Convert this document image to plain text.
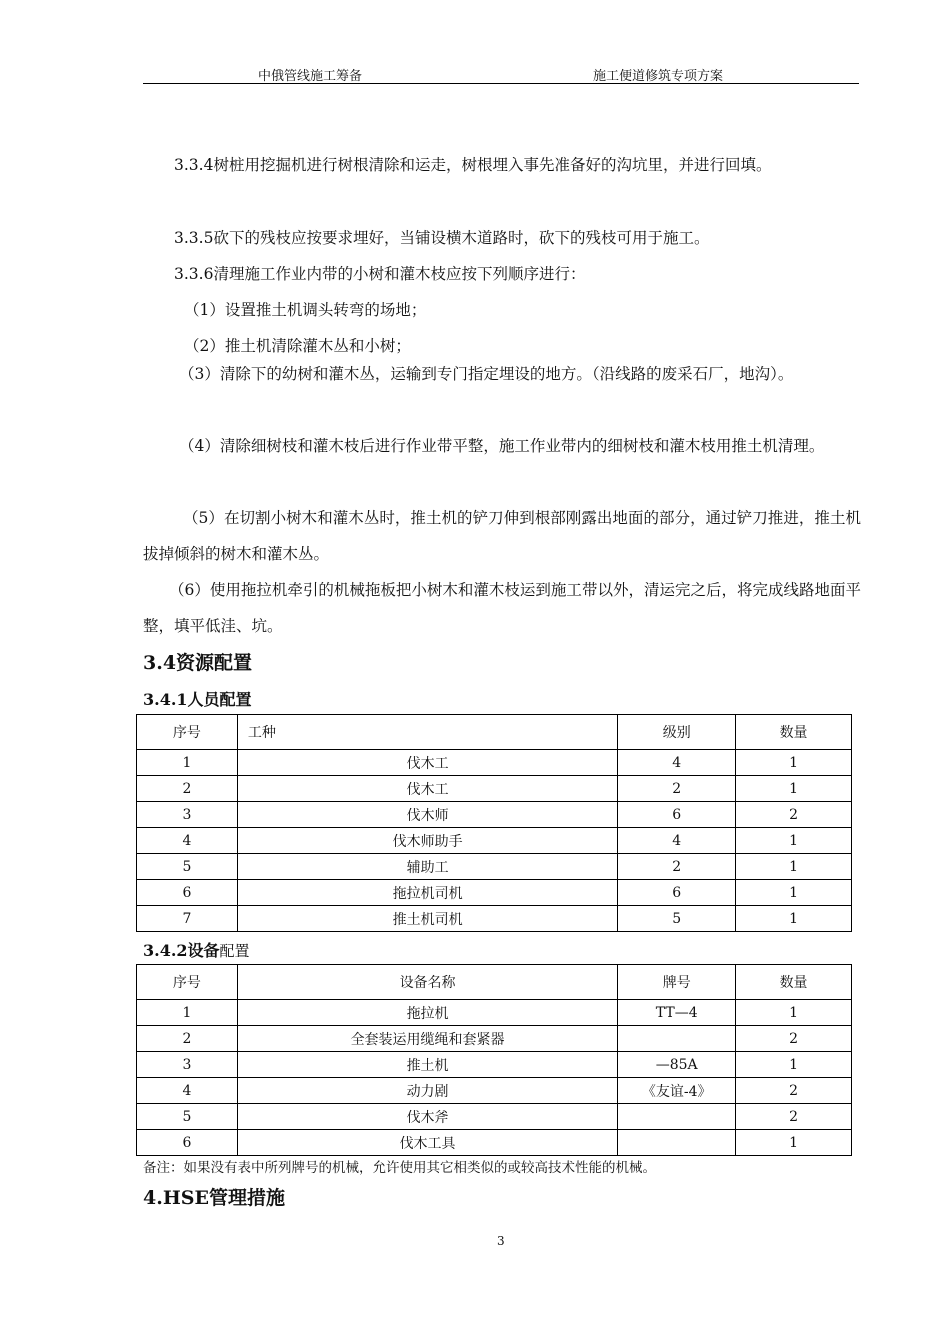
中俄管线施工筹备	施工便道修筑专项方案
3.3.4树桩用挖掘机进行树根清除和运走，树根埋入事先准备好的沟坑里，并进行回填。
3.3.5砍下的残枝应按要求埋好，当铺设横木道路时，砍下的残枝可用于施工。
3.3.6清理施工作业内带的小树和灌木枝应按下列顺序进行：
（1）设置推土机调头转弯的场地；
（2）推土机清除灌木丛和小树；
（3）清除下的幼树和灌木丛，运输到专门指定埋设的地方。（沿线路的废采石厂，地沟）。
（4）清除细树枝和灌木枝后进行作业带平整，施工作业带内的细树枝和灌木枝用推土机清理。
（5）在切割小树木和灌木丛时，推土机的铲刀伸到根部刚露出地面的部分，通过铲刀推进，推土机拔掉倾斜的树木和灌木丛。
（6）使用拖拉机牵引的机械拖板把小树木和灌木枝运到施工带以外，清运完之后，将完成线路地面平整，填平低洼、坑。
3.4资源配置
3.4.1人员配置
序号	工种	级别	数量
1	伐木工	4	1
2	伐木工	2	1
3	伐木师	6	2
4	伐木师助手	4	1
5	辅助工	2	1
6	拖拉机司机	6	1
7	推土机司机	5	1
3.4.2设备配置
序号	设备名称	牌号	数量
1	拖拉机	TT—4	1
2	全套装运用缆绳和套紧器		2
3	推土机	—85A	1
4	动力剧	《友谊-4》	2
5	伐木斧		2
6	伐木工具		1
备注：如果没有表中所列牌号的机械，允许使用其它相类似的或较高技术性能的机械。
4.HSE管理措施
3
